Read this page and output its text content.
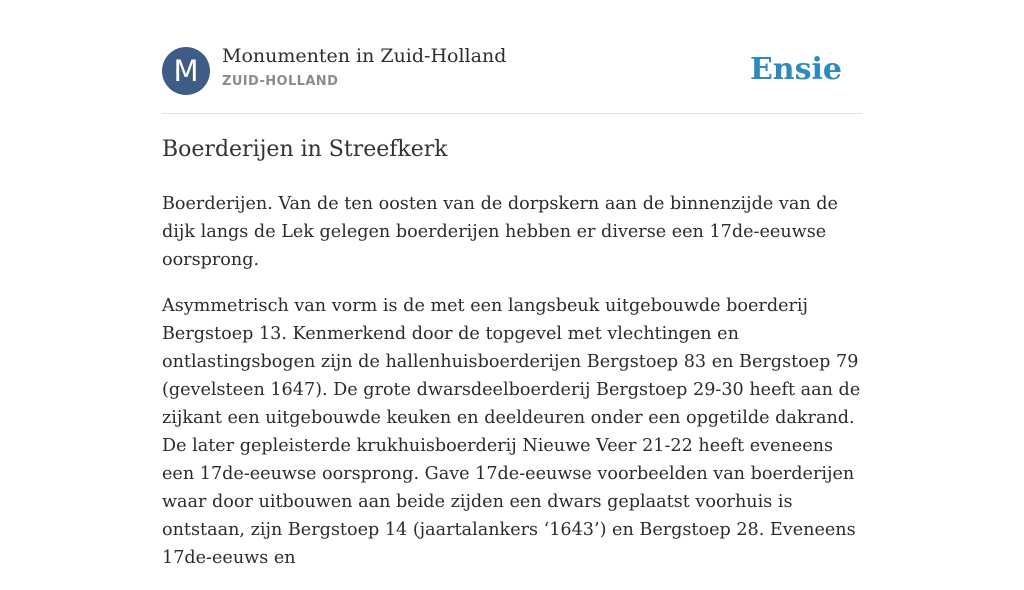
M	Monumenten in Zuid-Holland
ZUID-HOLLAND	Ensie
Boerderijen in Streefkerk

Boerderijen. Van de ten oosten van de dorpskern aan de binnenzijde van de dijk langs de Lek gelegen boerderijen hebben er diverse een 17de-eeuwse oorsprong.

Asymmetrisch van vorm is de met een langsbeuk uitgebouwde boerderij Bergstoep 13. Kenmerkend door de topgevel met vlechtingen en ontlastingsbogen zijn de hallenhuisboerderijen Bergstoep 83 en Bergstoep 79 (gevelsteen 1647). De grote dwarsdeelboerderij Bergstoep 29-30 heeft aan de zijkant een uitgebouwde keuken en deeldeuren onder een opgetilde dakrand. De later gepleisterde krukhuisboerderij Nieuwe Veer 21-22 heeft eveneens een 17de-eeuwse oorsprong. Gave 17de-eeuwse voorbeelden van boerderijen waar door uitbouwen aan beide zijden een dwars geplaatst voorhuis is ontstaan, zijn Bergstoep 14 (jaartalankers ‘1643’) en Bergstoep 28. Eveneens 17de-eeuws en
